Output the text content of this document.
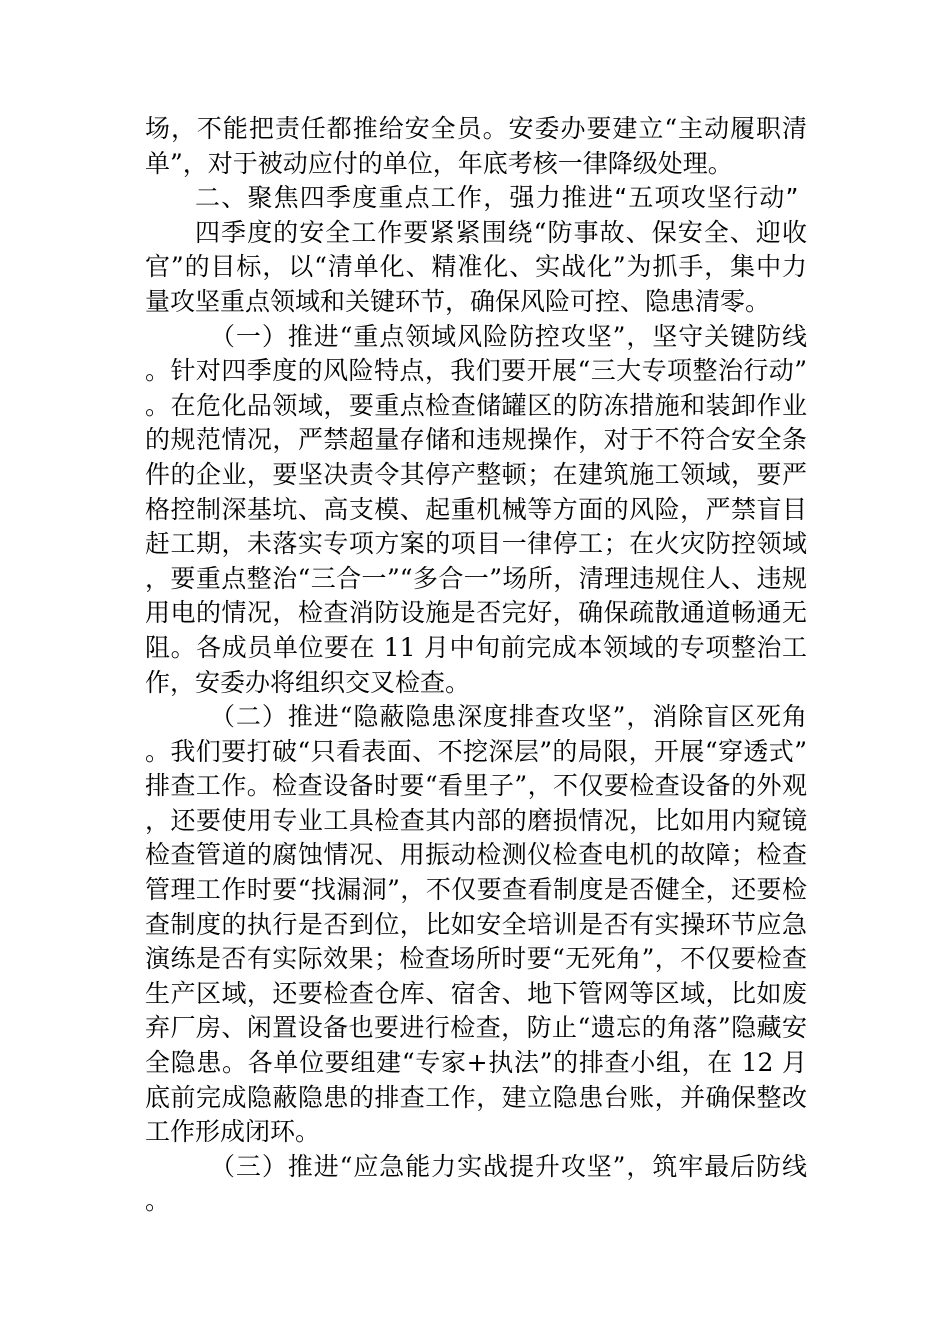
场，不能把责任都推给安全员。安委办要建立“主动履职清单”，对于被动应付的单位，年底考核一律降级处理。

二、聚焦四季度重点工作，强力推进“五项攻坚行动”

四季度的安全工作要紧紧围绕“防事故、保安全、迎收官”的目标，以“清单化、精准化、实战化”为抓手，集中力量攻坚重点领域和关键环节，确保风险可控、隐患清零。

（一）推进“重点领域风险防控攻坚”，坚守关键防线。针对四季度的风险特点，我们要开展“三大专项整治行动”。在危化品领域，要重点检查储罐区的防冻措施和装卸作业的规范情况，严禁超量存储和违规操作，对于不符合安全条件的企业，要坚决责令其停产整顿；在建筑施工领域，要严格控制深基坑、高支模、起重机械等方面的风险，严禁盲目赶工期，未落实专项方案的项目一律停工；在火灾防控领域，要重点整治“三合一”“多合一”场所，清理违规住人、违规用电的情况，检查消防设施是否完好，确保疏散通道畅通无阻。各成员单位要在 11 月中旬前完成本领域的专项整治工作，安委办将组织交叉检查。

（二）推进“隐蔽隐患深度排查攻坚”，消除盲区死角。我们要打破“只看表面、不挖深层”的局限，开展“穿透式”排查工作。检查设备时要“看里子”，不仅要检查设备的外观，还要使用专业工具检查其内部的磨损情况，比如用内窥镜检查管道的腐蚀情况、用振动检测仪检查电机的故障；检查管理工作时要“找漏洞”，不仅要查看制度是否健全，还要检查制度的执行是否到位，比如安全培训是否有实操环节应急演练是否有实际效果；检查场所时要“无死角”，不仅要检查生产区域，还要检查仓库、宿舍、地下管网等区域，比如废弃厂房、闲置设备也要进行检查，防止“遗忘的角落”隐藏安全隐患。各单位要组建“专家+执法”的排查小组，在 12 月底前完成隐蔽隐患的排查工作，建立隐患台账，并确保整改工作形成闭环。

（三）推进“应急能力实战提升攻坚”，筑牢最后防线。
